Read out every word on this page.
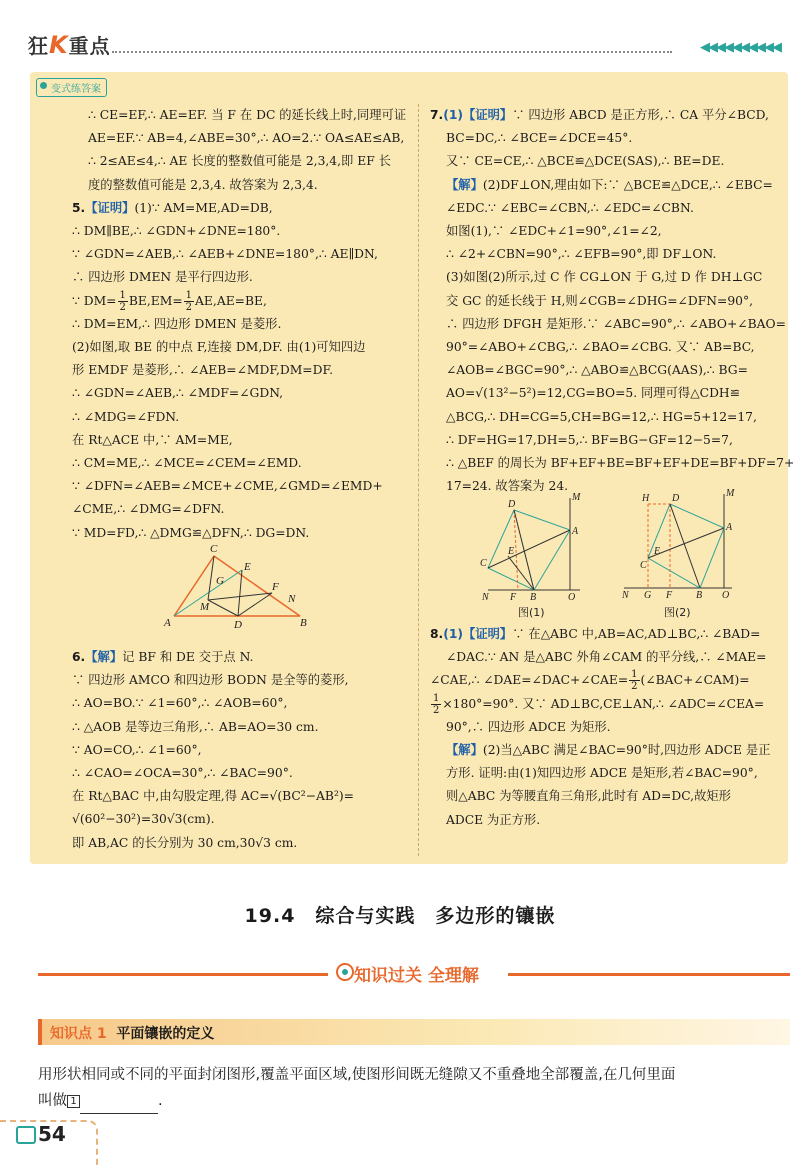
狂K重点	◀◀◀◀◀◀◀◀◀◀
变式练答案

∴ CE=EF,∴ AE=EF. 当 F 在 DC 的延长线上时,同理可证

AE=EF.∵ AB=4,∠ABE=30°,∴ AO=2.∵ OA≤AE≤AB,

∴ 2≤AE≤4,∴ AE 长度的整数值可能是 2,3,4,即 EF 长

度的整数值可能是 2,3,4. 故答案为 2,3,4.

5.【证明】(1)∵ AM=ME,AD=DB,

∴ DM∥BE,∴ ∠GDN+∠DNE=180°.

∵ ∠GDN=∠AEB,∴ ∠AEB+∠DNE=180°,∴ AE∥DN,

∴ 四边形 DMEN 是平行四边形.

∵ $DM= \frac{1}{2} BE,EM= \frac{1}{2} AE,AE=BE$,

∴ DM=EM,∴ 四边形 DMEN 是菱形.

(2)如图,取 BE 的中点 F,连接 DM,DF. 由(1)可知四边

形 EMDF 是菱形,∴ ∠AEB=∠MDF,DM=DF.

∴ ∠GDN=∠AEB,∴ ∠MDF=∠GDN,

∴ ∠MDG=∠FDN.

在 Rt△ACE 中,∵ AM=ME,

∴ CM=ME,∴ ∠MCE=∠CEM=∠EMD.

∵ ∠DFN=∠AEB=∠MCE+∠CME,∠GMD=∠EMD+

∠CME,∴ ∠DMG=∠DFN.

∵ MD=FD,∴ △DMG≌△DFN,∴ DG=DN.

6.【解】记 BF 和 DE 交于点 N.

∵ 四边形 AMCO 和四边形 BODN 是全等的菱形,

∴ AO=BO.∵ ∠1=60°,∴ ∠AOB=60°,

∴ △AOB 是等边三角形,∴ AB=AO=30 cm.

∵ AO=CO,∴ ∠1=60°,

∴ ∠CAO=∠OCA=30°,∴ ∠BAC=90°.

在 Rt△BAC 中,由勾股定理,得 AC=√(BC²−AB²)=

√(60²−30²)=30√3(cm).

即 AB,AC 的长分别为 30 cm,30√3 cm.

7.(1)【证明】∵ 四边形 ABCD 是正方形,∴ CA 平分∠BCD,

BC=DC,∴ ∠BCE=∠DCE=45°.

又∵ CE=CE,∴ △BCE≌△DCE(SAS),∴ BE=DE.

【解】(2)DF⊥ON,理由如下:∵ △BCE≌△DCE,∴ ∠EBC=

∠EDC.∵ ∠EBC=∠CBN,∴ ∠EDC=∠CBN.

如图(1),∵ ∠EDC+∠1=90°,∠1=∠2,

∴ ∠2+∠CBN=90°,∴ ∠EFB=90°,即 DF⊥ON.

(3)如图(2)所示,过 C 作 CG⊥ON 于 G,过 D 作 DH⊥GC

交 GC 的延长线于 H,则∠CGB=∠DHG=∠DFN=90°,

∴ 四边形 DFGH 是矩形.∵ ∠ABC=90°,∴ ∠ABO+∠BAO=

90°=∠ABO+∠CBG,∴ ∠BAO=∠CBG. 又∵ AB=BC,

∠AOB=∠BGC=90°,∴ △ABO≌△BCG(AAS),∴ BG=

AO=√(13²−5²)=12,CG=BO=5. 同理可得△CDH≌

△BCG,∴ DH=CG=5,CH=BG=12,∴ HG=5+12=17,

∴ DF=HG=17,DH=5,∴ BF=BG−GF=12−5=7,

∴ △BEF 的周长为 BF+EF+BE=BF+EF+DE=BF+DF=7+

17=24. 故答案为 24.

8.(1)【证明】∵ 在△ABC 中,AB=AC,AD⊥BC,∴ ∠BAD=

∠DAC.∵ AN 是△ABC 外角∠CAM 的平分线,∴ ∠MAE=

∠CAE,∴ ∠DAE=∠DAC+∠CAE= $\frac{1}{2}$ (∠BAC+∠CAM)=

$\frac{1}{2} \times 180^\circ=90^\circ$. 又∵ AD⊥BC,CE⊥AN,∴ ∠ADC=∠CEA=

90°,∴ 四边形 ADCE 为矩形.

【解】(2)当△ABC 满足∠BAC=90°时,四边形 ADCE 是正

方形. 证明:由(1)知四边形 ADCE 是矩形,若∠BAC=90°,

则△ABC 为等腰直角三角形,此时有 AD=DC,故矩形

ADCE 为正方形.

C
E
G
M
F
N
A	D	B
D
M
A
E
C
N F B	O
图(1)
H D	M
A
E
C
N G F B O
图(2)
19.4　综合与实践　多边形的镶嵌
知识过关 全理解
知识点 1 平面镶嵌的定义

用形状相同或不同的平面封闭图形,覆盖平面区域,使图形间既无缝隙又不重叠地全部覆盖,在几何里面

叫做 1	.

54
